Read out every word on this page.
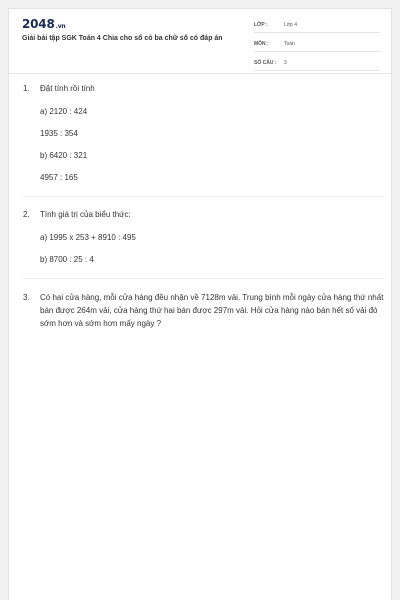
2048.vn
Giải bài tập SGK Toán 4 Chia cho số có ba chữ số có đáp án
LỚP :	Lớp 4
MÔN :	Toán
SỐ CÂU :	3
1.	Đặt tính rồi tính
a) 2120 : 424
1935 : 354
b) 6420 : 321
4957 : 165
2.	Tính giá trị của biểu thức:
a) 1995 x 253 + 8910 : 495
b) 8700 : 25 : 4
3.	Có hai cửa hàng, mỗi cửa hàng đều nhận về 7128m vải. Trung bình mỗi ngày cửa hàng thứ nhất bán được 264m vải, cửa hàng thứ hai bán được 297m vải. Hỏi cửa hàng nào bán hết số vải đó sớm hơn và sớm hơn mấy ngày ?
